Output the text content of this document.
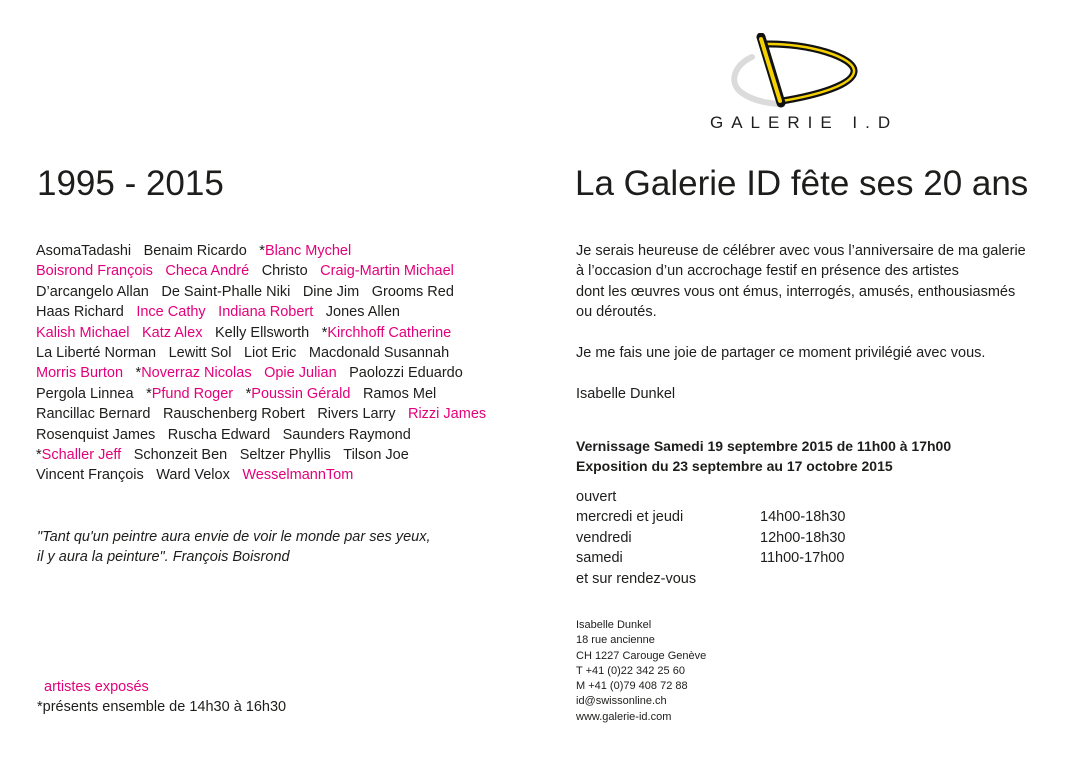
GALERIE I.D
1995 - 2015	La Galerie ID fête ses 20 ans
AsomaTadashi Benaim Ricardo *Blanc Mychel
Boisrond François Checa André Christo Craig-Martin Michael
D’arcangelo Allan De Saint-Phalle Niki Dine Jim Grooms Red
Haas Richard Ince Cathy Indiana Robert Jones Allen
Kalish Michael Katz Alex Kelly Ellsworth *Kirchhoff Catherine
La Liberté Norman Lewitt Sol Liot Eric Macdonald Susannah
Morris Burton *Noverraz Nicolas Opie Julian Paolozzi Eduardo
Pergola Linnea *Pfund Roger *Poussin Gérald Ramos Mel
Rancillac Bernard Rauschenberg Robert Rivers Larry Rizzi James
Rosenquist James Ruscha Edward Saunders Raymond
*Schaller Jeff Schonzeit Ben Seltzer Phyllis Tilson Joe
Vincent François Ward Velox WesselmannTom
"Tant qu'un peintre aura envie de voir le monde par ses yeux,
il y aura la peinture". François Boisrond
artistes exposés
*présents ensemble de 14h30 à 16h30
Je serais heureuse de célébrer avec vous l’anniversaire de ma galerie
à l’occasion d’un accrochage festif en présence des artistes
dont les œuvres vous ont émus, interrogés, amusés, enthousiasmés
ou déroutés.
Je me fais une joie de partager ce moment privilégié avec vous.
Isabelle Dunkel
Vernissage Samedi 19 septembre 2015 de 11h00 à 17h00
Exposition du 23 septembre au 17 octobre 2015
ouvert
mercredi et jeudi	14h00-18h30
vendredi	12h00-18h30
samedi	11h00-17h00
et sur rendez-vous
Isabelle Dunkel
18 rue ancienne
CH 1227 Carouge Genève
T +41 (0)22 342 25 60
M +41 (0)79 408 72 88
id@swissonline.ch
www.galerie-id.com
